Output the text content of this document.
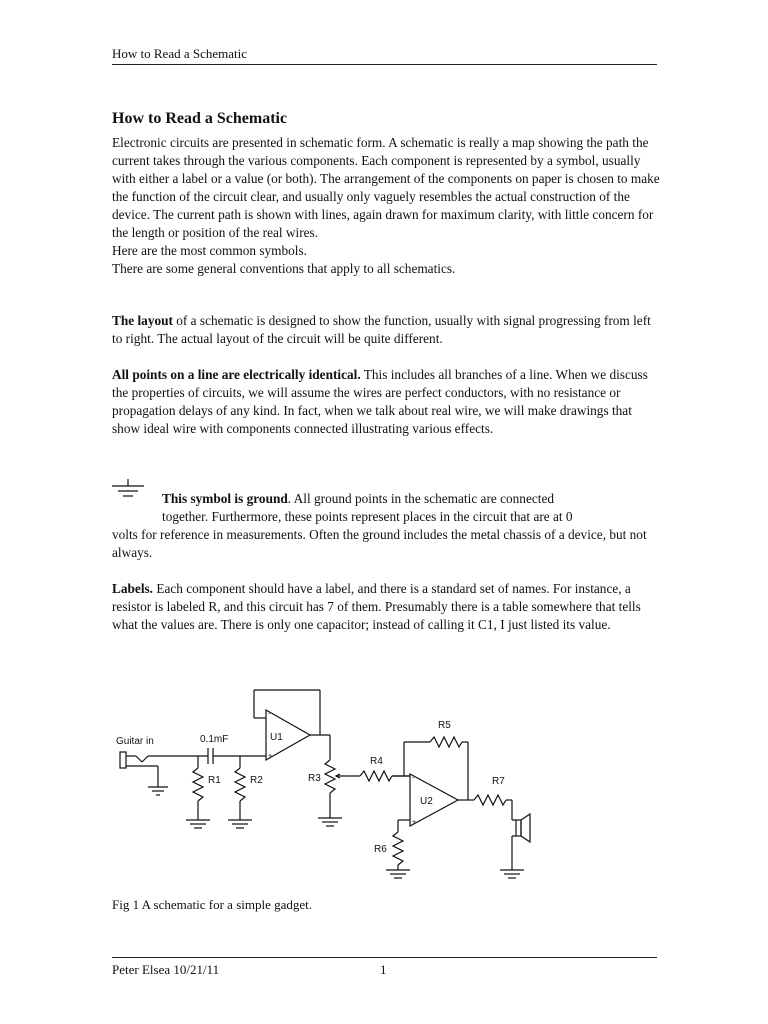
How to Read a Schematic
How to Read a Schematic

Electronic circuits are presented in schematic form. A schematic is really a map showing the path the current takes through the various components. Each component is represented by a symbol, usually with either a label or a value (or both). The arrangement of the components on paper is chosen to make the function of the circuit clear, and usually only vaguely resembles the actual construction of the device. The current path is shown with lines, again drawn for maximum clarity, with little concern for the length or position of the real wires.
Here are the most common symbols.
There are some general conventions that apply to all schematics.

The layout of a schematic is designed to show the function, usually with signal progressing from left to right. The actual layout of the circuit will be quite different.

All points on a line are electrically identical. This includes all branches of a line. When we discuss the properties of circuits, we will assume the wires are perfect conductors, with no resistance or propagation delays of any kind. In fact, when we talk about real wire, we will make drawings that show ideal wire with components connected illustrating various effects.

This symbol is ground. All ground points in the schematic are connected
together. Furthermore, these points represent places in the circuit that are at 0
volts for reference in measurements. Often the ground includes the metal chassis of a device, but not always.

Labels. Each component should have a label, and there is a standard set of names. For instance, a resistor is labeled R, and this circuit has 7 of them. Presumably there is a table somewhere that tells what the values are. There is only one capacitor; instead of calling it C1, I just listed its value.

Guitar in	0.1mF
R1	R2	R3
R4
R5
R6
R7
U1
U2
-
+
-
+
Fig 1 A schematic for a simple gadget.
Peter Elsea 10/21/11	1
